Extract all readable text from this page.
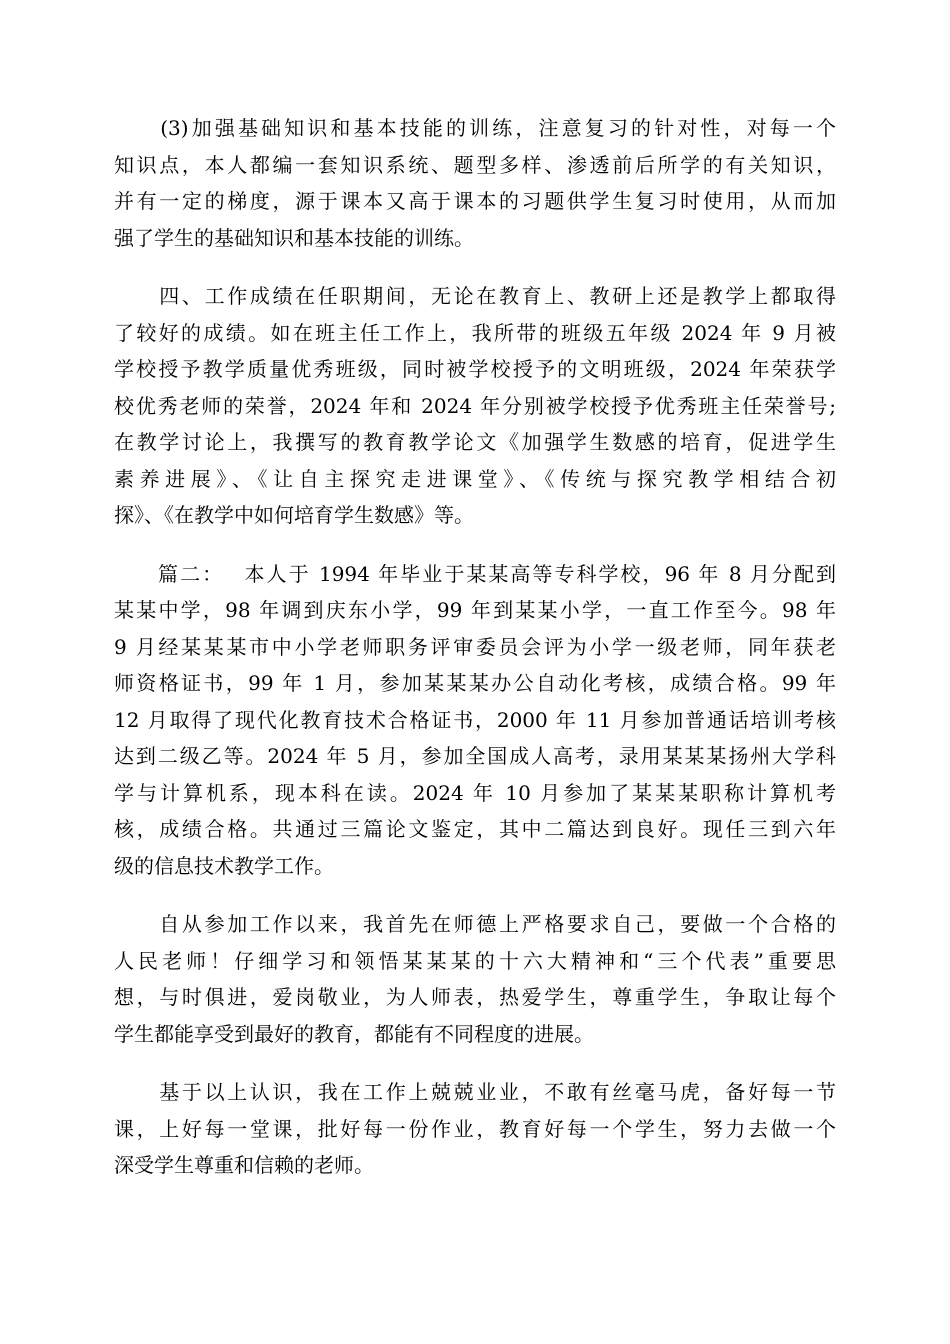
　　(3)加强基础知识和基本技能的训练，注意复习的针对性，对每一个
知识点，本人都编一套知识系统、题型多样、渗透前后所学的有关知识，
并有一定的梯度，源于课本又高于课本的习题供学生复习时使用，从而加
强了学生的基础知识和基本技能的训练。
　　四、工作成绩在任职期间，无论在教育上、教研上还是教学上都取得
了较好的成绩。如在班主任工作上，我所带的班级五年级 2024 年 9 月被
学校授予教学质量优秀班级，同时被学校授予的文明班级，2024 年荣获学
校优秀老师的荣誉，2024 年和 2024 年分别被学校授予优秀班主任荣誉号;
在教学讨论上，我撰写的教育教学论文《加强学生数感的培育，促进学生
素养进展》、《让自主探究走进课堂》、《传统与探究教学相结合初
探》、《在教学中如何培育学生数感》等。
　　篇二：　 本人于 1994 年毕业于某某高等专科学校，96 年 8 月分配到
某某中学，98 年调到庆东小学，99 年到某某小学，一直工作至今。98 年
9 月经某某某市中小学老师职务评审委员会评为小学一级老师，同年获老
师资格证书，99 年 1 月，参加某某某办公自动化考核，成绩合格。99 年
12 月取得了现代化教育技术合格证书，2000 年 11 月参加普通话培训考核
达到二级乙等。2024 年 5 月，参加全国成人高考，录用某某某扬州大学科
学与计算机系，现本科在读。2024 年 10 月参加了某某某职称计算机考
核，成绩合格。共通过三篇论文鉴定，其中二篇达到良好。现任三到六年
级的信息技术教学工作。
　　自从参加工作以来，我首先在师德上严格要求自己，要做一个合格的
人民老师！仔细学习和领悟某某某的十六大精神和“三个代表”重要思
想，与时俱进，爱岗敬业，为人师表，热爱学生，尊重学生，争取让每个
学生都能享受到最好的教育，都能有不同程度的进展。
　　基于以上认识，我在工作上兢兢业业，不敢有丝毫马虎，备好每一节
课，上好每一堂课，批好每一份作业，教育好每一个学生，努力去做一个
深受学生尊重和信赖的老师。
